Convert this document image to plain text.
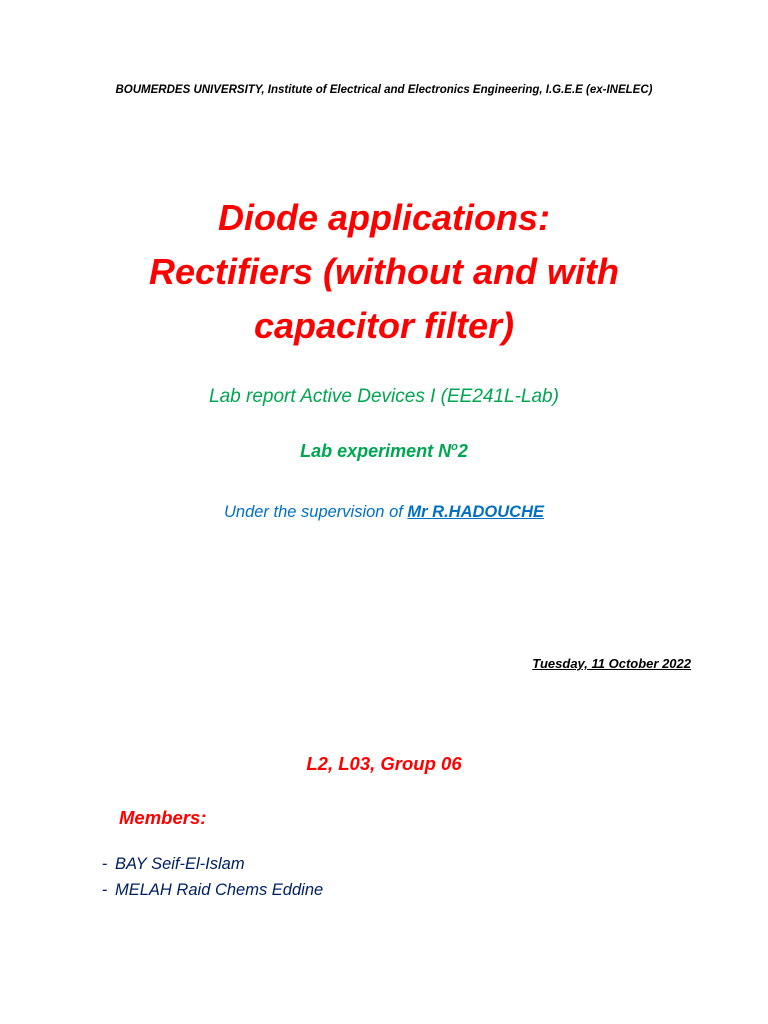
BOUMERDES UNIVERSITY, Institute of Electrical and Electronics Engineering, I.G.E.E (ex-INELEC)
Diode applications:
Rectifiers (without and with
capacitor filter)
Lab report Active Devices I (EE241L-Lab)
Lab experiment $N^o2$
Under the supervision of Mr R.HADOUCHE
Tuesday, 11 October 2022
L2, L03, Group 06
Members:
- BAY Seif-El-Islam
- MELAH Raid Chems Eddine
